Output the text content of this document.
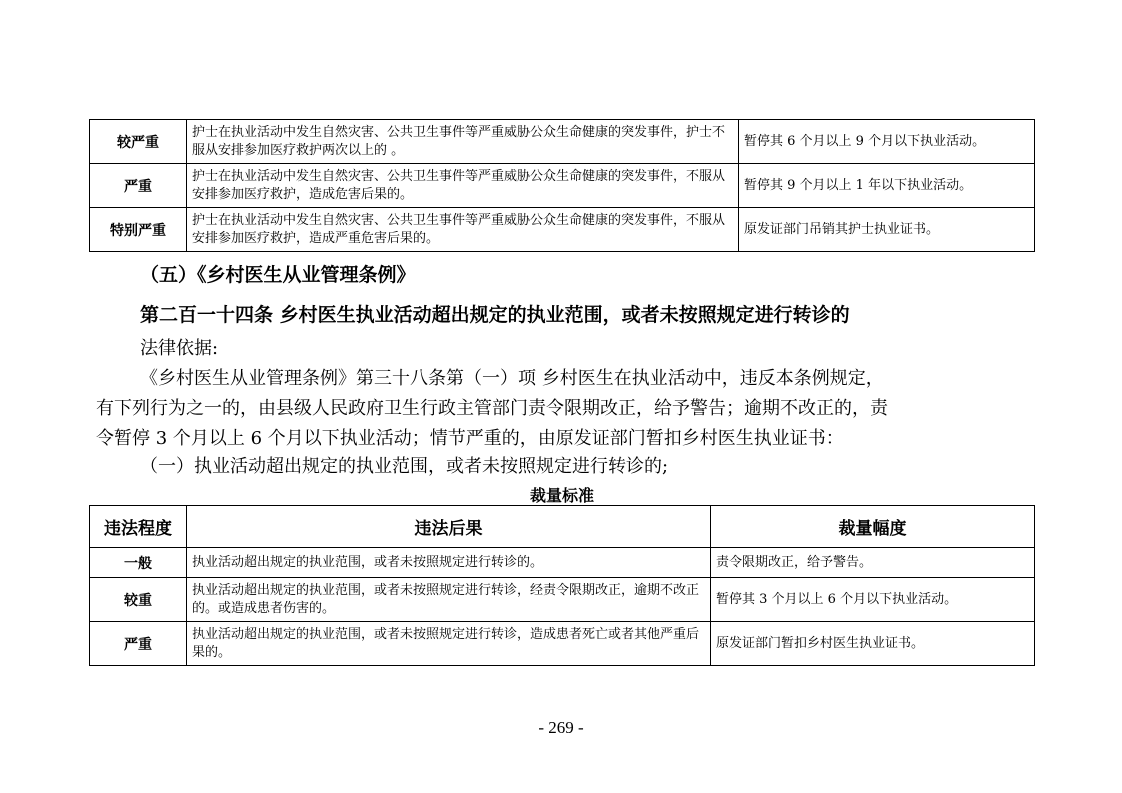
较严重	护士在执业活动中发生自然灾害、公共卫生事件等严重威胁公众生命健康的突发事件，护士不服从安排参加医疗救护两次以上的 。	暂停其 6 个月以上 9 个月以下执业活动。
严重	护士在执业活动中发生自然灾害、公共卫生事件等严重威胁公众生命健康的突发事件，不服从安排参加医疗救护，造成危害后果的。	暂停其 9 个月以上 1 年以下执业活动。
特别严重	护士在执业活动中发生自然灾害、公共卫生事件等严重威胁公众生命健康的突发事件，不服从安排参加医疗救护，造成严重危害后果的。	原发证部门吊销其护士执业证书。

（五）《乡村医生从业管理条例》

第二百一十四条 乡村医生执业活动超出规定的执业范围，或者未按照规定进行转诊的

法律依据:

《乡村医生从业管理条例》第三十八条第（一）项 乡村医生在执业活动中，违反本条例规定，

有下列行为之一的，由县级人民政府卫生行政主管部门责令限期改正，给予警告；逾期不改正的，责

令暂停 3 个月以上 6 个月以下执业活动；情节严重的，由原发证部门暂扣乡村医生执业证书：

（一）执业活动超出规定的执业范围，或者未按照规定进行转诊的;

裁量标准
违法程度	违法后果	裁量幅度
一般	执业活动超出规定的执业范围，或者未按照规定进行转诊的。	责令限期改正，给予警告。
较重	执业活动超出规定的执业范围，或者未按照规定进行转诊，经责令限期改正，逾期不改正的。或造成患者伤害的。	暂停其 3 个月以上 6 个月以下执业活动。
严重	执业活动超出规定的执业范围，或者未按照规定进行转诊，造成患者死亡或者其他严重后果的。	原发证部门暂扣乡村医生执业证书。
- 269 -
